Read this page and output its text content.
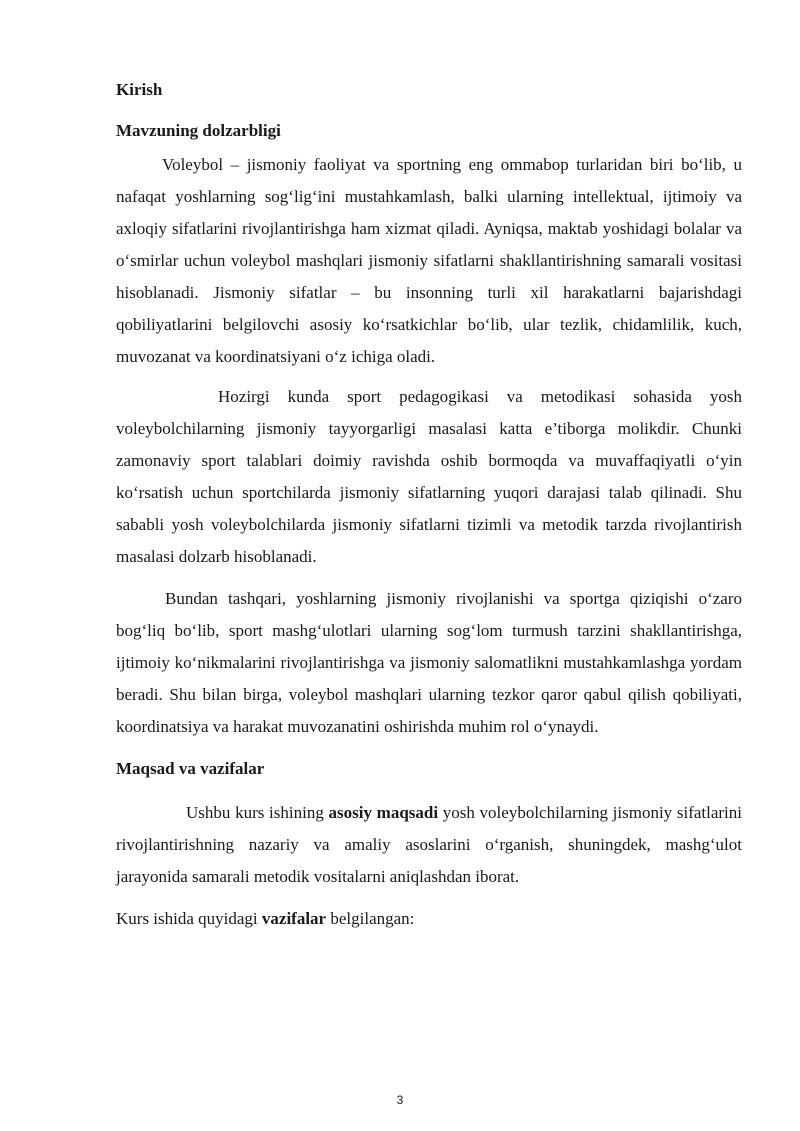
Kirish
Mavzuning dolzarbligi

Voleybol – jismoniy faoliyat va sportning eng ommabop turlaridan biri boʻlib, u nafaqat yoshlarning sogʻligʻini mustahkamlash, balki ularning intellektual, ijtimoiy va axloqiy sifatlarini rivojlantirishga ham xizmat qiladi. Ayniqsa, maktab yoshidagi bolalar va oʻsmirlar uchun voleybol mashqlari jismoniy sifatlarni shakllantirishning samarali vositasi hisoblanadi. Jismoniy sifatlar – bu insonning turli xil harakatlarni bajarishdagi qobiliyatlarini belgilovchi asosiy koʻrsatkichlar boʻlib, ular tezlik, chidamlilik, kuch, muvozanat va koordinatsiyani oʻz ichiga oladi.

Hozirgi kunda sport pedagogikasi va metodikasi sohasida yosh voleybolchilarning jismoniy tayyorgarligi masalasi katta e’tiborga molikdir. Chunki zamonaviy sport talablari doimiy ravishda oshib bormoqda va muvaffaqiyatli oʻyin koʻrsatish uchun sportchilarda jismoniy sifatlarning yuqori darajasi talab qilinadi. Shu sababli yosh voleybolchilarda jismoniy sifatlarni tizimli va metodik tarzda rivojlantirish masalasi dolzarb hisoblanadi.

Bundan tashqari, yoshlarning jismoniy rivojlanishi va sportga qiziqishi oʻzaro bogʻliq boʻlib, sport mashgʻulotlari ularning sogʻlom turmush tarzini shakllantirishga, ijtimoiy koʻnikmalarini rivojlantirishga va jismoniy salomatlikni mustahkamlashga yordam beradi. Shu bilan birga, voleybol mashqlari ularning tezkor qaror qabul qilish qobiliyati, koordinatsiya va harakat muvozanatini oshirishda muhim rol oʻynaydi.

Maqsad va vazifalar

Ushbu kurs ishining asosiy maqsadi yosh voleybolchilarning jismoniy sifatlarini rivojlantirishning nazariy va amaliy asoslarini oʻrganish, shuningdek, mashgʻulot jarayonida samarali metodik vositalarni aniqlashdan iborat.

Kurs ishida quyidagi vazifalar belgilangan:

3
